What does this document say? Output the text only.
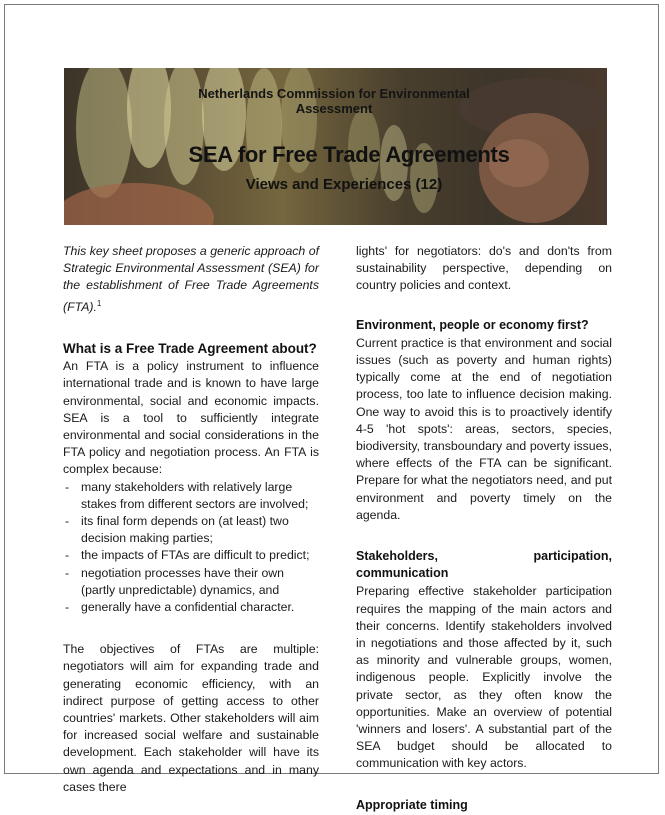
Netherlands Commission for Environmental Assessment
SEA for Free Trade Agreements
Views and Experiences (12)

This key sheet proposes a generic approach of Strategic Environmental Assessment (SEA) for the establishment of Free Trade Agreements (FTA).$^1$

What is a Free Trade Agreement about?

An FTA is a policy instrument to influence international trade and is known to have large environmental, social and economic impacts. SEA is a tool to sufficiently integrate environmental and social considerations in the FTA policy and negotiation process. An FTA is complex because:

- many stakeholders with relatively large stakes from different sectors are involved;
- its final form depends on (at least) two decision making parties;
- the impacts of FTAs are difficult to predict;
- negotiation processes have their own (partly unpredictable) dynamics, and
- generally have a confidential character.

The objectives of FTAs are multiple: negotiators will aim for expanding trade and generating economic efficiency, with an indirect purpose of getting access to other countries' markets. Other stakeholders will aim for increased social welfare and sustainable development. Each stakeholder will have its own agenda and expectations and in many cases there

lights' for negotiators: do's and don'ts from sustainability perspective, depending on country policies and context.

Environment, people or economy first?

Current practice is that environment and social issues (such as poverty and human rights) typically come at the end of negotiation process, too late to influence decision making. One way to avoid this is to proactively identify 4-5 'hot spots': areas, sectors, species, biodiversity, transboundary and poverty issues, where effects of the FTA can be significant. Prepare for what the negotiators need, and put environment and poverty timely on the agenda.

Stakeholders, participation, communication

Preparing effective stakeholder participation requires the mapping of the main actors and their concerns. Identify stakeholders involved in negotiations and those affected by it, such as minority and vulnerable groups, women, indigenous people. Explicitly involve the private sector, as they often know the opportunities. Make an overview of potential 'winners and losers'. A substantial part of the SEA budget should be allocated to communication with key actors.

Appropriate timing
